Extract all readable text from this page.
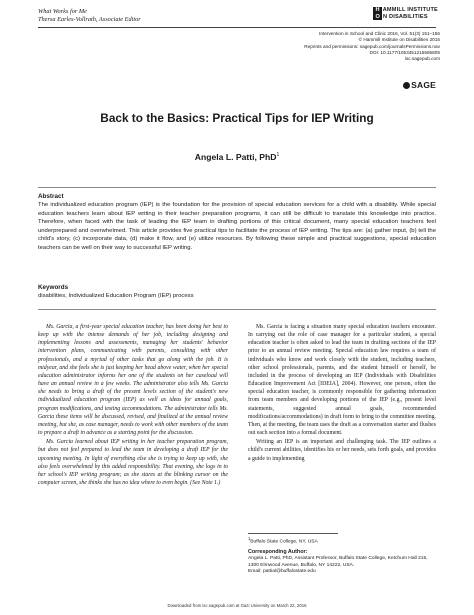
What Works for Me
Thersa Earles-Vollrath, Associate Editor
H AMMILL INSTITUTE
O N DISABILITIES
Intervention in School and Clinic 2016, Vol. 51(3) 151–156
© Hammill Institute on Disabilities 2015
Reprints and permissions: sagepub.com/journalsPermissions.nav
DOI: 10.1177/1053451215585805
isc.sagepub.com
SAGE
Back to the Basics: Practical Tips for IEP Writing
Angela L. Patti, PhD$^1$
Abstract
The individualized education program (IEP) is the foundation for the provision of special education services for a child with a disability. While special education teachers learn about IEP writing in their teacher preparation programs, it can still be difficult to translate this knowledge into practice. Therefore, when faced with the task of leading the IEP team in drafting portions of this critical document, many special education teachers feel underprepared and overwhelmed. This article provides five practical tips to facilitate the process of IEP writing. The tips are: (a) gather input, (b) tell the child's story, (c) incorporate data, (d) make it flow, and (e) utilize resources. By following these simple and practical suggestions, special education teachers can be well on their way to successful IEP writing.
Keywords
disabilities, Individualized Education Program (IEP) process

Ms. Garcia, a first-year special education teacher, has been doing her best to keep up with the intense demands of her job, including designing and implementing lessons and assessments, managing her students' behavior intervention plans, communicating with parents, consulting with other professionals, and a myriad of other tasks that go along with the job. It is midyear, and she feels she is just keeping her head above water, when her special education administrator informs her one of the students on her caseload will have an annual review in a few weeks. The administrator also tells Ms. Garcia she needs to bring a draft of the present levels section of the student's new individualized education program (IEP) as well as ideas for annual goals, program modifications, and testing accommodations. The administrator tells Ms. Garcia these items will be discussed, revised, and finalized at the annual review meeting, but she, as case manager, needs to work with other members of the team to prepare a draft in advance as a starting point for the discussion.

Ms. Garcia learned about IEP writing in her teacher preparation program, but does not feel prepared to lead the team in developing a draft IEP for the upcoming meeting. In light of everything else she is trying to keep up with, she also feels overwhelmed by this added responsibility. That evening, she logs in to her school's IEP writing program; as she stares at the blinking cursor on the computer screen, she thinks she has no idea where to even begin. (See Note 1.)

Ms. Garcia is facing a situation many special education teachers encounter. In carrying out the role of case manager for a particular student, a special education teacher is often asked to lead the team in drafting sections of the IEP prior to an annual review meeting. Special education law requires a team of individuals who know and work closely with the student, including teachers, other school professionals, parents, and the student himself or herself, be included in the process of developing an IEP (Individuals with Disabilities Education Improvement Act [IDEIA], 2004). However, one person, often the special education teacher, is commonly responsible for gathering information from team members and developing portions of the IEP (e.g., present level statements, suggested annual goals, recommended modifications/accommodations) in draft form to bring to the committee meeting. Then, at the meeting, the team uses the draft as a conversation starter and flushes out each section into a formal document.

Writing an IEP is an important and challenging task. The IEP outlines a child's current abilities, identifies his or her needs, sets forth goals, and provides a guide to implementing

$^1$Buffalo State College, NY, USA
Corresponding Author:
Angela L. Patti, PhD, Assistant Professor, Buffalo State College, Ketchum Hall 215, 1300 Elmwood Avenue, Buffalo, NY 14222, USA.
Email: pattial@buffalostate.edu
Downloaded from isc.sagepub.com at Gazi University on March 22, 2016
